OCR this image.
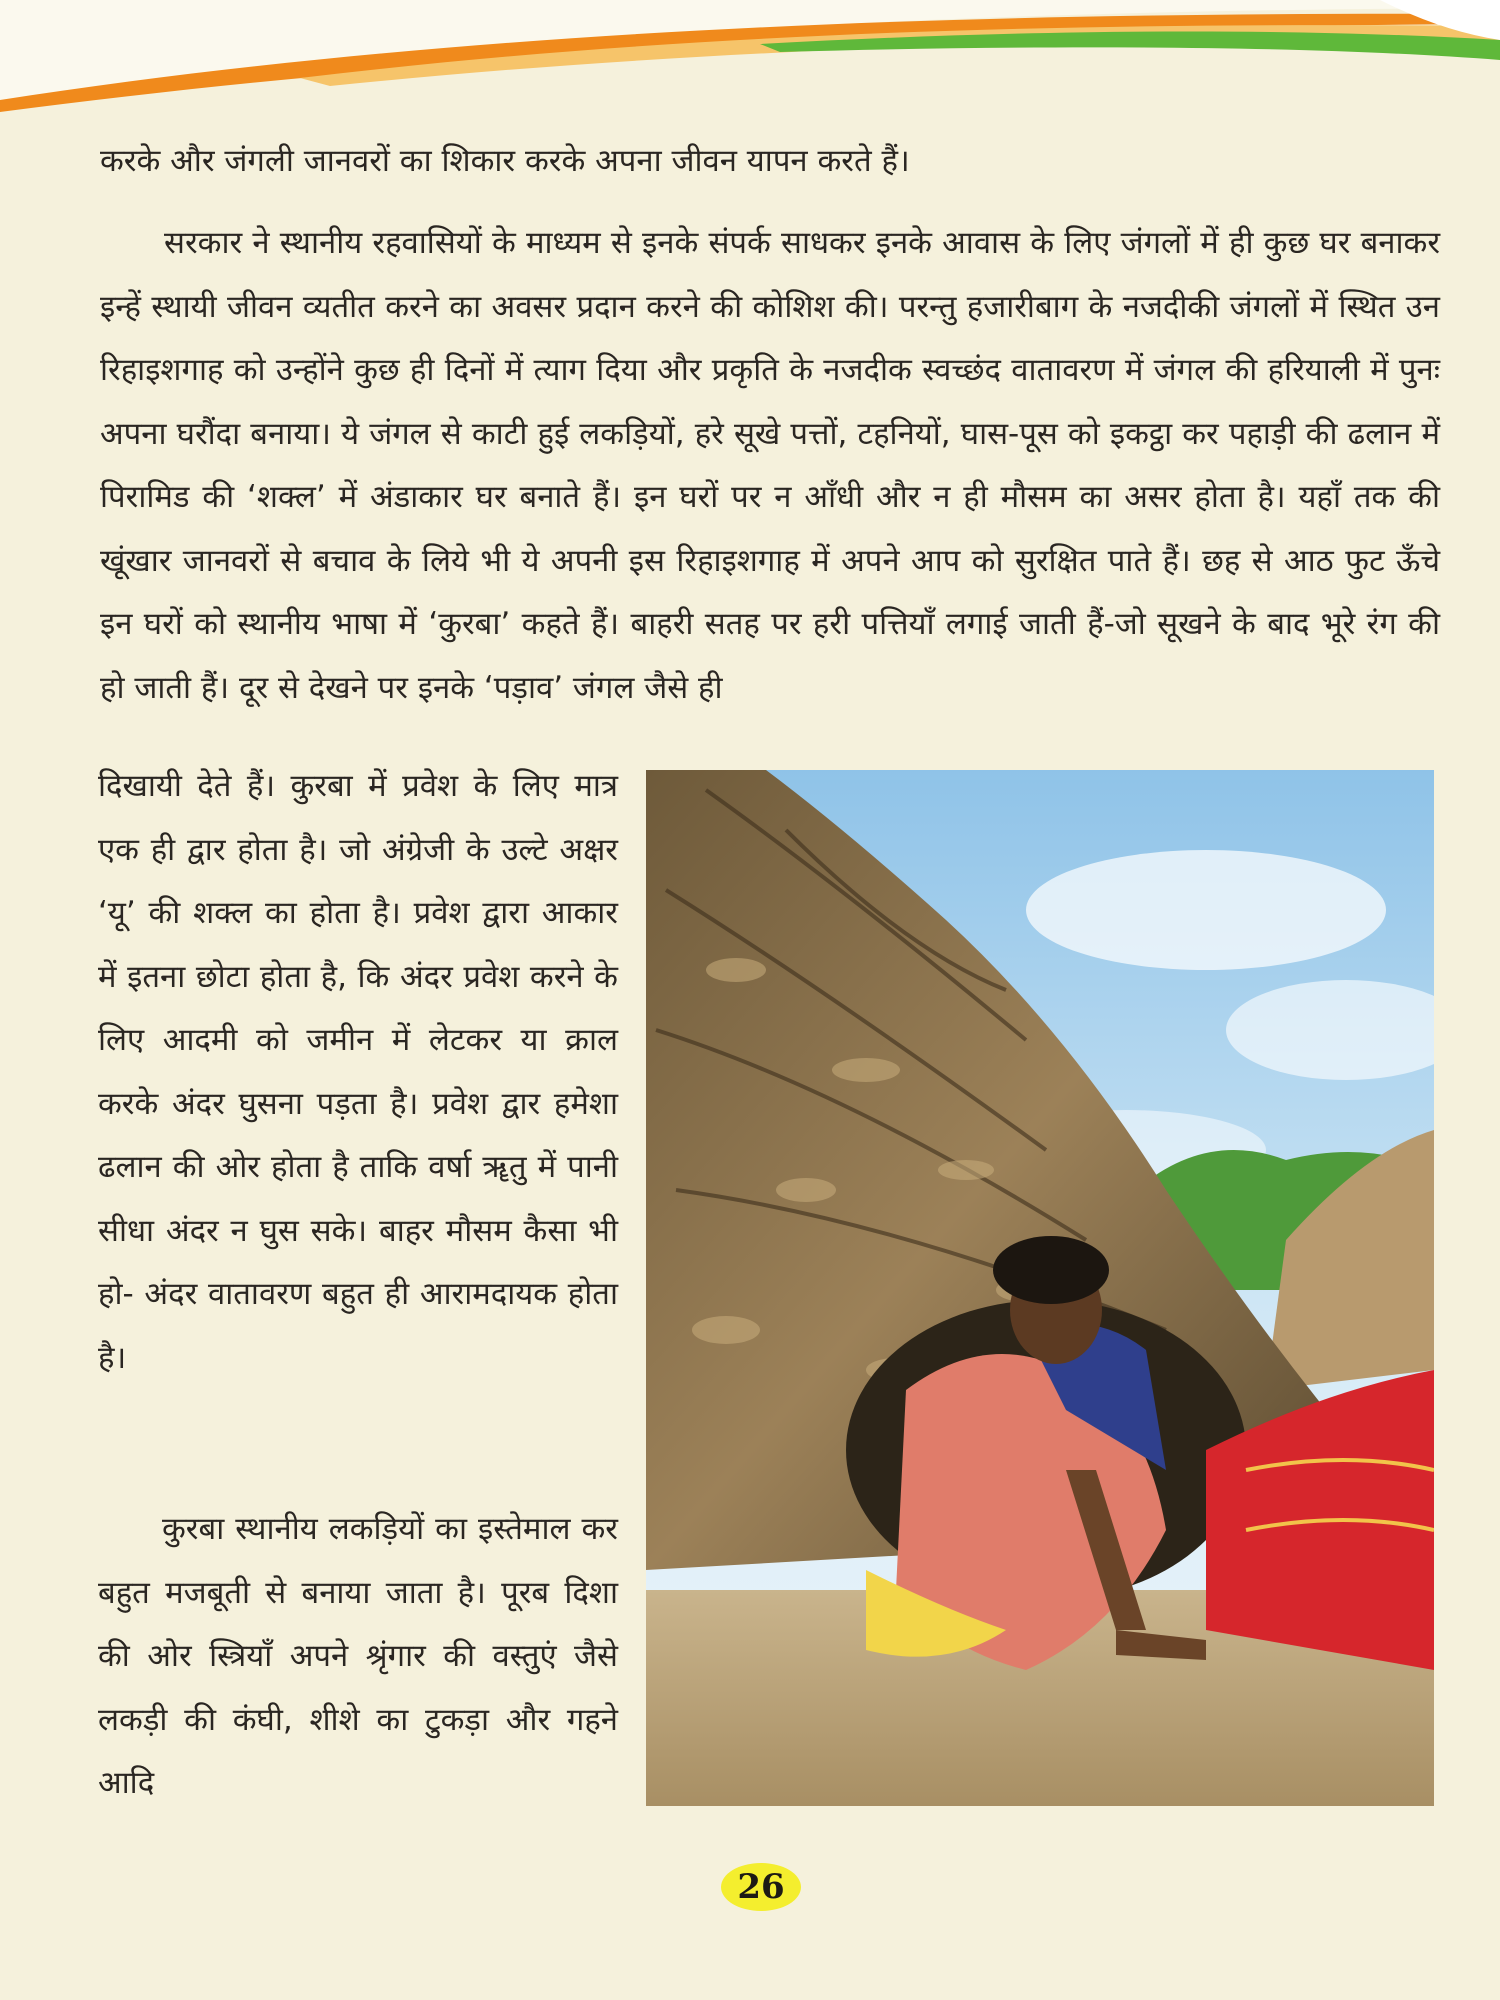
करके और जंगली जानवरों का शिकार करके अपना जीवन यापन करते हैं।
सरकार ने स्थानीय रहवासियों के माध्यम से इनके संपर्क साधकर इनके आवास के लिए जंगलों में ही कुछ घर बनाकर इन्हें स्थायी जीवन व्यतीत करने का अवसर प्रदान करने की कोशिश की। परन्तु हजारीबाग के नजदीकी जंगलों में स्थित उन रिहाइशगाह को उन्होंने कुछ ही दिनों में त्याग दिया और प्रकृति के नजदीक स्वच्छंद वातावरण में जंगल की हरियाली में पुनः अपना घरौंदा बनाया। ये जंगल से काटी हुई लकड़ियों, हरे सूखे पत्तों, टहनियों, घास-पूस को इकट्ठा कर पहाड़ी की ढलान में पिरामिड की ‘शक्ल’ में अंडाकार घर बनाते हैं। इन घरों पर न आँधी और न ही मौसम का असर होता है। यहाँ तक की खूंखार जानवरों से बचाव के लिये भी ये अपनी इस रिहाइशगाह में अपने आप को सुरक्षित पाते हैं। छह से आठ फुट ऊँचे इन घरों को स्थानीय भाषा में ‘कुरबा’ कहते हैं। बाहरी सतह पर हरी पत्तियाँ लगाई जाती हैं-जो सूखने के बाद भूरे रंग की हो जाती हैं। दूर से देखने पर इनके ‘पड़ाव’ जंगल जैसे ही
दिखायी देते हैं। कुरबा में प्रवेश के लिए मात्र एक ही द्वार होता है। जो अंग्रेजी के उल्टे अक्षर ‘यू’ की शक्ल का होता है। प्रवेश द्वारा आकार में इतना छोटा होता है, कि अंदर प्रवेश करने के लिए आदमी को जमीन में लेटकर या क्राल करके अंदर घुसना पड़ता है। प्रवेश द्वार हमेशा ढलान की ओर होता है ताकि वर्षा ॠतु में पानी सीधा अंदर न घुस सके। बाहर मौसम कैसा भी हो- अंदर वातावरण बहुत ही आरामदायक होता है।
कुरबा स्थानीय लकड़ियों का इस्तेमाल कर बहुत मजबूती से बनाया जाता है। पूरब दिशा की ओर स्त्रियाँ अपने श्रृंगार की वस्तुएं जैसे लकड़ी की कंघी, शीशे का टुकड़ा और गहने आदि
26
